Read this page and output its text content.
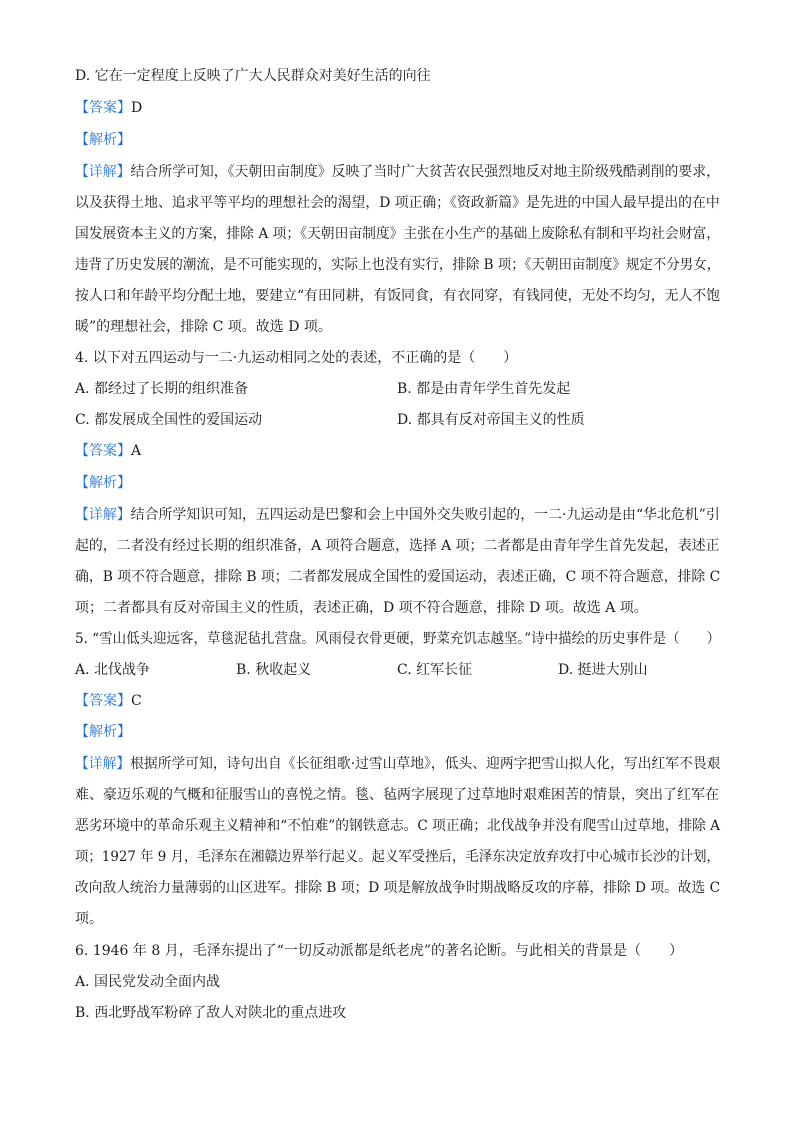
D. 它在一定程度上反映了广大人民群众对美好生活的向往
【答案】D
【解析】
【详解】结合所学可知，《天朝田亩制度》反映了当时广大贫苦农民强烈地反对地主阶级残酷剥削的要求，
以及获得土地、追求平等平均的理想社会的渴望，D 项正确；《资政新篇》是先进的中国人最早提出的在中
国发展资本主义的方案，排除 A 项；《天朝田亩制度》主张在小生产的基础上废除私有制和平均社会财富，
违背了历史发展的潮流，是不可能实现的，实际上也没有实行，排除 B 项；《天朝田亩制度》规定不分男女，
按人口和年龄平均分配土地，要建立“有田同耕，有饭同食，有衣同穿，有钱同使，无处不均匀，无人不饱
暖”的理想社会，排除 C 项。故选 D 项。
4. 以下对五四运动与一二·九运动相同之处的表述，不正确的是（　　）
A. 都经过了长期的组织准备	B. 都是由青年学生首先发起
C. 都发展成全国性的爱国运动	D. 都具有反对帝国主义的性质
【答案】A
【解析】
【详解】结合所学知识可知，五四运动是巴黎和会上中国外交失败引起的，一二·九运动是由“华北危机”引
起的，二者没有经过长期的组织准备，A 项符合题意，选择 A 项；二者都是由青年学生首先发起，表述正
确，B 项不符合题意，排除 B 项；二者都发展成全国性的爱国运动，表述正确，C 项不符合题意，排除 C
项；二者都具有反对帝国主义的性质，表述正确，D 项不符合题意，排除 D 项。故选 A 项。
5. “雪山低头迎远客，草毯泥毡扎营盘。风雨侵衣骨更硬，野菜充饥志越坚。”诗中描绘的历史事件是（　　）
A. 北伐战争	B. 秋收起义	C. 红军长征	D. 挺进大别山
【答案】C
【解析】
【详解】根据所学可知，诗句出自《长征组歌·过雪山草地》，低头、迎两字把雪山拟人化，写出红军不畏艰
难、豪迈乐观的气概和征服雪山的喜悦之情。毯、毡两字展现了过草地时艰难困苦的情景，突出了红军在
恶劣环境中的革命乐观主义精神和“不怕难”的钢铁意志。C 项正确；北伐战争并没有爬雪山过草地，排除 A
项；1927 年 9 月，毛泽东在湘赣边界举行起义。起义军受挫后，毛泽东决定放弃攻打中心城市长沙的计划，
改向敌人统治力量薄弱的山区进军。排除 B 项；D 项是解放战争时期战略反攻的序幕，排除 D 项。故选 C
项。
6. 1946 年 8 月，毛泽东提出了“一切反动派都是纸老虎”的著名论断。与此相关的背景是（　　）
A. 国民党发动全面内战
B. 西北野战军粉碎了敌人对陕北的重点进攻
